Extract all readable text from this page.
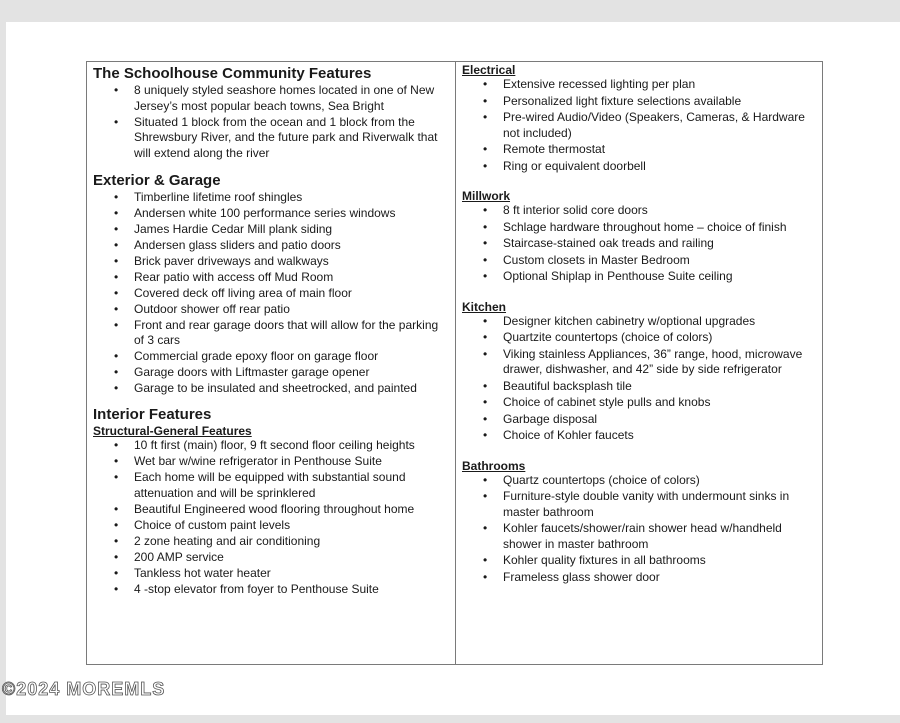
The Schoolhouse Community Features
• 8 uniquely styled seashore homes located in one of New Jersey’s most popular beach towns, Sea Bright
• Situated 1 block from the ocean and 1 block from the Shrewsbury River, and the future park and Riverwalk that will extend along the river
Exterior & Garage
• Timberline lifetime roof shingles
• Andersen white 100 performance series windows
• James Hardie Cedar Mill plank siding
• Andersen glass sliders and patio doors
• Brick paver driveways and walkways
• Rear patio with access off Mud Room
• Covered deck off living area of main floor
• Outdoor shower off rear patio
• Front and rear garage doors that will allow for the parking of 3 cars
• Commercial grade epoxy floor on garage floor
• Garage doors with Liftmaster garage opener
• Garage to be insulated and sheetrocked, and painted
Interior Features
Structural-General Features
• 10 ft first (main) floor, 9 ft second floor ceiling heights
• Wet bar w/wine refrigerator in Penthouse Suite
• Each home will be equipped with substantial sound attenuation and will be sprinklered
• Beautiful Engineered wood flooring throughout home
• Choice of custom paint levels
• 2 zone heating and air conditioning
• 200 AMP service
• Tankless hot water heater
• 4 -stop elevator from foyer to Penthouse Suite
Electrical
• Extensive recessed lighting per plan
• Personalized light fixture selections available
• Pre-wired Audio/Video (Speakers, Cameras, & Hardware not included)
• Remote thermostat
• Ring or equivalent doorbell
Millwork
• 8 ft interior solid core doors
• Schlage hardware throughout home – choice of finish
• Staircase-stained oak treads and railing
• Custom closets in Master Bedroom
• Optional Shiplap in Penthouse Suite ceiling
Kitchen
• Designer kitchen cabinetry w/optional upgrades
• Quartzite countertops (choice of colors)
• Viking stainless Appliances, 36” range, hood, microwave drawer, dishwasher, and 42” side by side refrigerator
• Beautiful backsplash tile
• Choice of cabinet style pulls and knobs
• Garbage disposal
• Choice of Kohler faucets
Bathrooms
• Quartz countertops (choice of colors)
• Furniture-style double vanity with undermount sinks in master bathroom
• Kohler faucets/shower/rain shower head w/handheld shower in master bathroom
• Kohler quality fixtures in all bathrooms
• Frameless glass shower door
©2024 MOREMLS
